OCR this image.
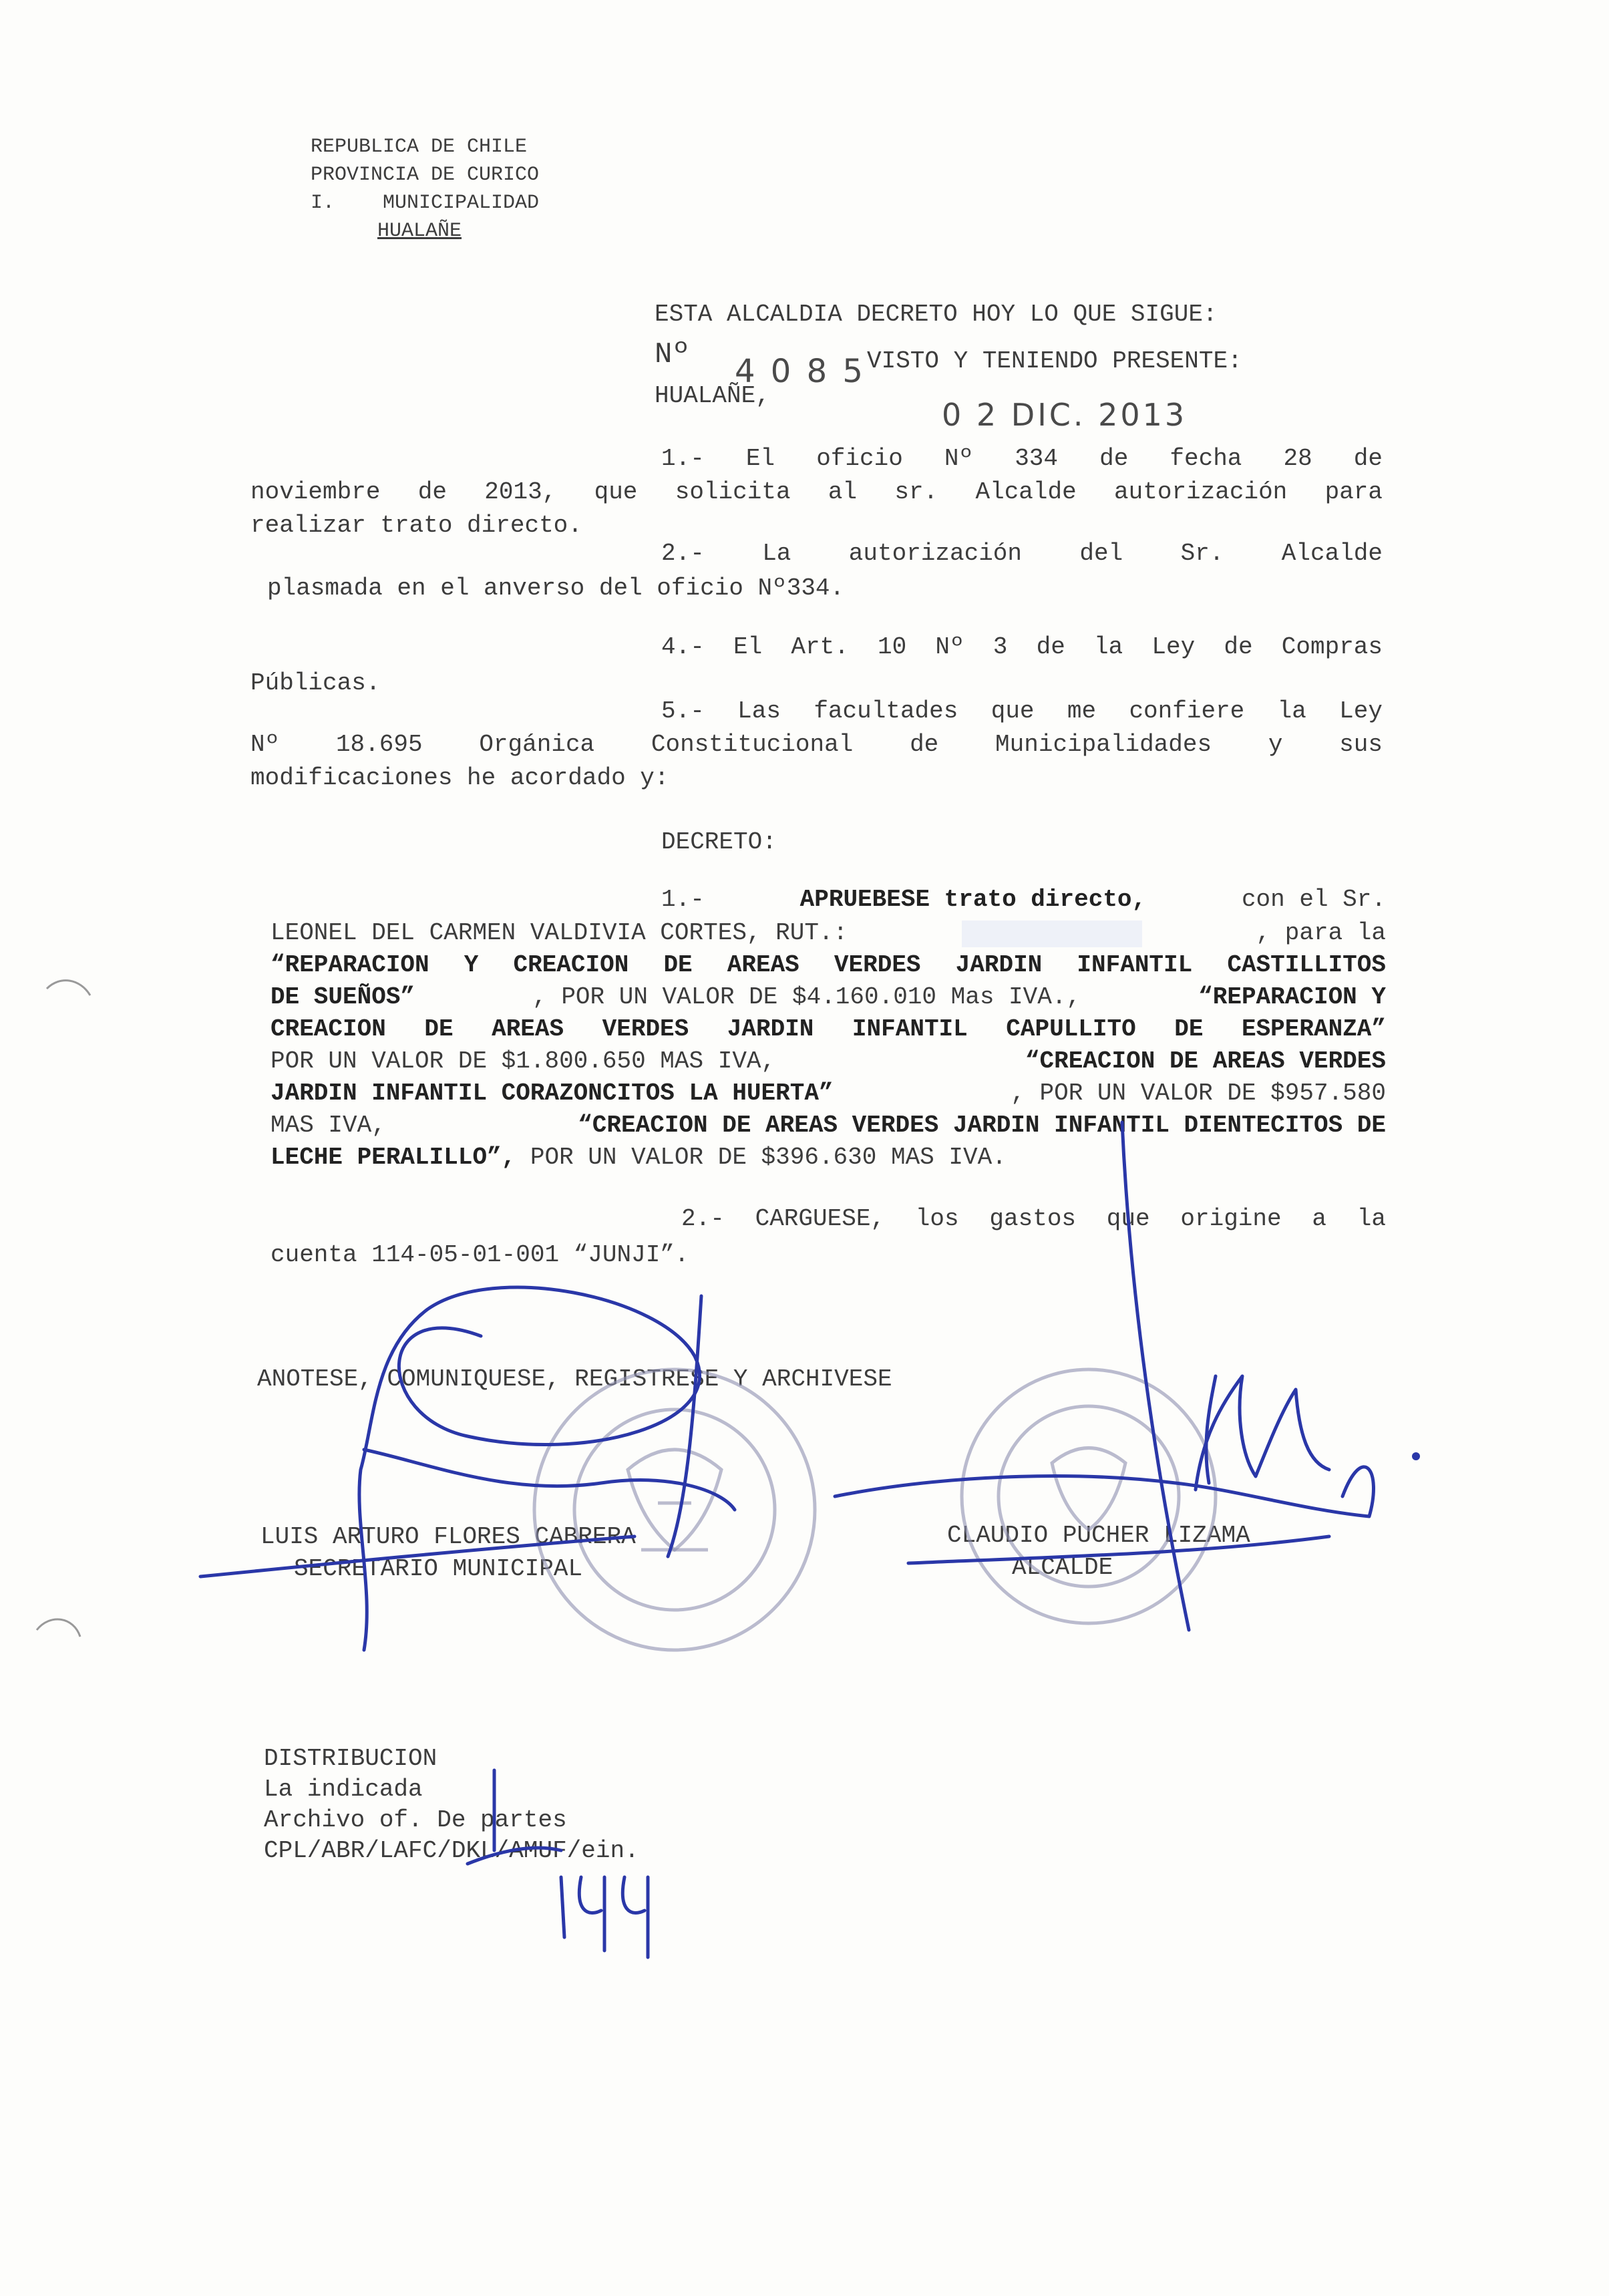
REPUBLICA DE CHILE
PROVINCIA DE CURICO
I.    MUNICIPALIDAD
HUALAÑE
ESTA ALCALDIA DECRETO HOY LO QUE SIGUE:
Nº 4 0 8 5 VISTO Y TENIENDO PRESENTE:
HUALAÑE,
0 2 DIC. 2013
1.- El oficio Nº 334 de fecha 28 de
noviembre de 2013, que solicita al sr. Alcalde autorización para
realizar trato directo.
2.- La autorización del Sr. Alcalde
plasmada en el anverso del oficio Nº334.
4.- El Art. 10 Nº 3 de la Ley de Compras
Públicas.
5.- Las facultades que me confiere la Ley
Nº 18.695 Orgánica Constitucional de Municipalidades y sus
modificaciones he acordado y:
DECRETO:
1.-	APRUEBESE trato directo,	con el Sr.
LEONEL DEL CARMEN VALDIVIA CORTES, RUT.:	, para la
“REPARACION Y CREACION DE AREAS VERDES JARDIN INFANTIL CASTILLITOS
DE SUEÑOS”	, POR UN VALOR DE $4.160.010 Mas IVA.,	“REPARACION Y
CREACION DE AREAS VERDES JARDIN INFANTIL CAPULLITO DE ESPERANZA”
POR UN VALOR DE $1.800.650 MAS IVA,	“CREACION DE AREAS VERDES
JARDIN INFANTIL CORAZONCITOS LA HUERTA”	, POR UN VALOR DE $957.580
MAS IVA,	“CREACION DE AREAS VERDES JARDIN INFANTIL DIENTECITOS DE
LECHE PERALILLO”, POR UN VALOR DE $396.630 MAS IVA.
2.- CARGUESE, los gastos que origine a la
cuenta 114-05-01-001 “JUNJI”.
ANOTESE, COMUNIQUESE, REGISTRESE Y ARCHIVESE
LUIS ARTURO FLORES CABRERA
SECRETARIO MUNICIPAL
CLAUDIO PUCHER LIZAMA
ALCALDE
DISTRIBUCION
La indicada
Archivo of. De partes
CPL/ABR/LAFC/DKL/AMUF/ein.
